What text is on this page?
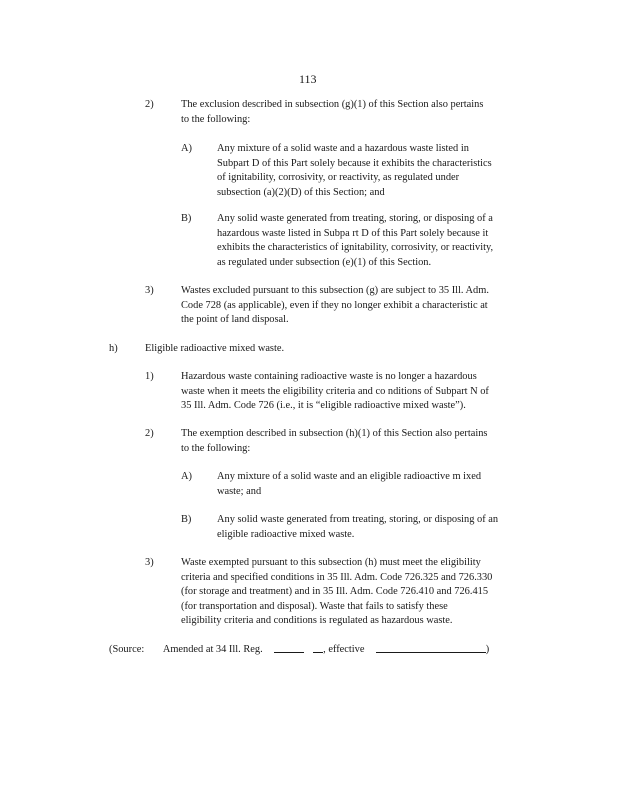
113
2)	The exclusion described in subsection (g)(1) of this Section also pertains
to the following:
A) Any mixture of a solid waste and a hazardous waste listed in
Subpart D of this Part solely because it exhibits the characteristics
of ignitability, corrosivity, or reactivity, as regulated under
subsection (a)(2)(D) of this Section; and
B) Any solid waste generated from treating, storing, or disposing of a
hazardous waste listed in Subpa rt D of this Part solely because it
exhibits the characteristics of ignitability, corrosivity, or reactivity,
as regulated under subsection (e)(1) of this Section.
3)	Wastes excluded pursuant to this subsection (g) are subject to 35 Ill. Adm.
Code 728 (as applicable), even if they no longer exhibit a characteristic at
the point of land disposal.
h)	Eligible radioactive mixed waste.
1)	Hazardous waste containing radioactive waste is no longer a hazardous
waste when it meets the eligibility criteria and co nditions of Subpart N of
35 Ill. Adm. Code 726 (i.e., it is “eligible radioactive mixed waste”).
2)	The exemption described in subsection (h)(1) of this Section also pertains
to the following:
A) Any mixture of a solid waste and an eligible radioactive m ixed
waste; and
B) Any solid waste generated from treating, storing, or disposing of an
eligible radioactive mixed waste.
3)	Waste exempted pursuant to this subsection (h) must meet the eligibility
criteria and specified conditions in 35 Ill. Adm. Code 726.325 and 726.330
(for storage and treatment) and in 35 Ill. Adm. Code 726.410 and 726.415
(for transportation and disposal). Waste that fails to satisfy these
eligibility criteria and conditions is regulated as hazardous waste.
(Source: Amended at 34 Ill. Reg.	, effective	)
